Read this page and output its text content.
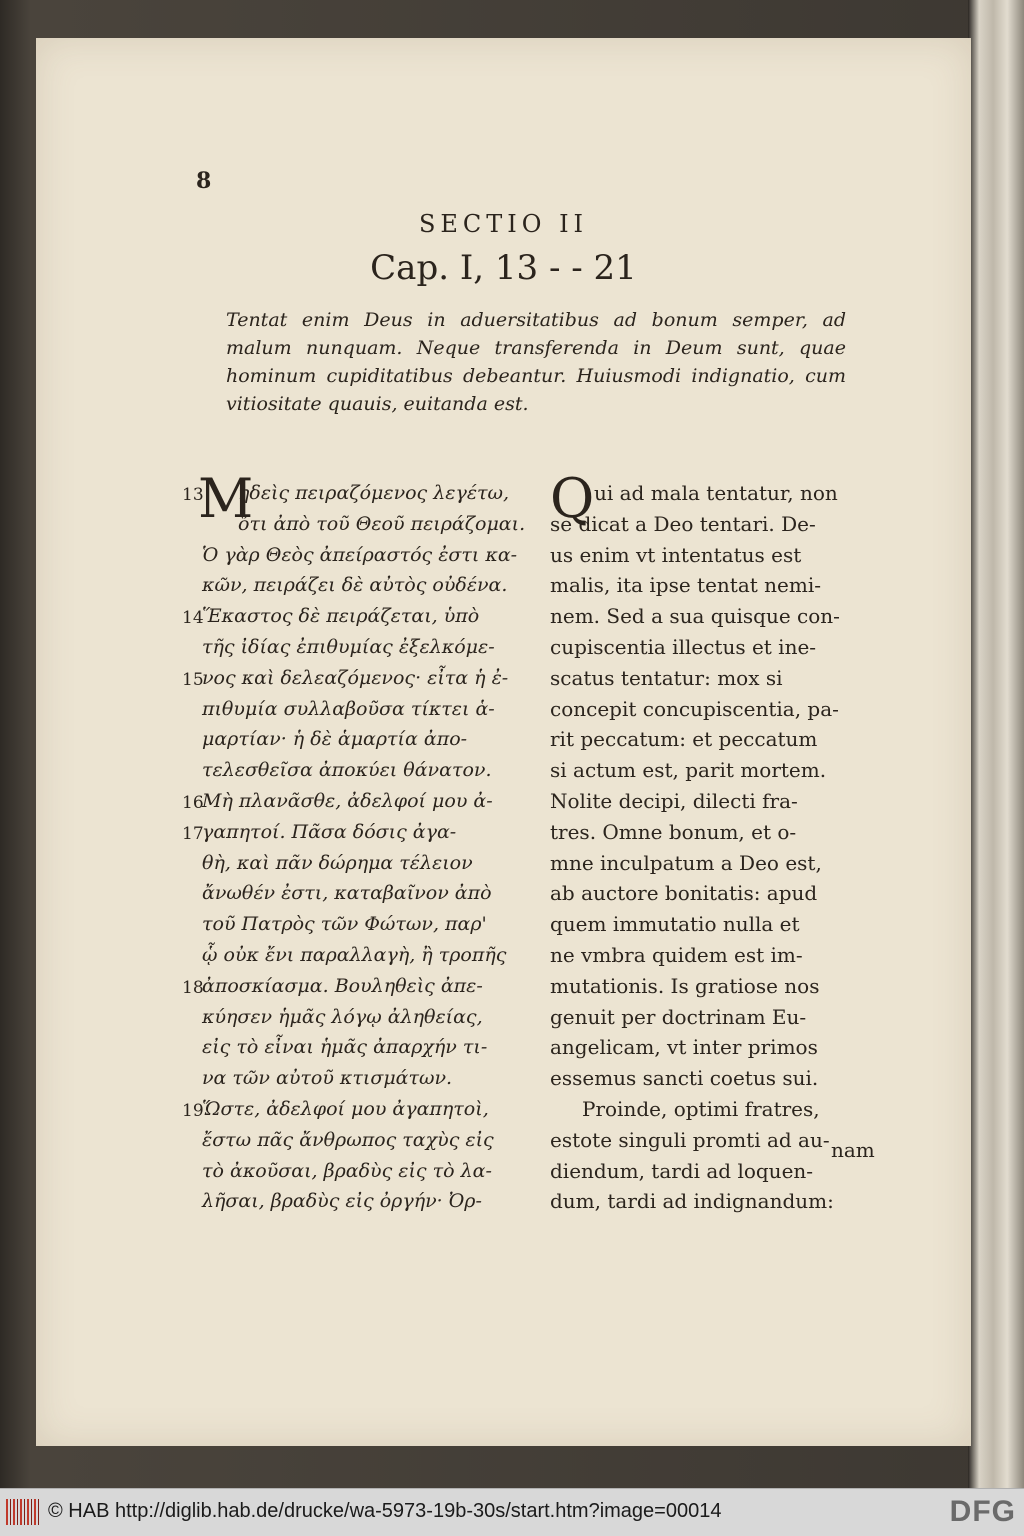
8
SECTIO II
Cap. I, 13 - - 21
Tentat enim Deus in aduersitatibus ad bonum semper, ad malum nunquam. Neque transferenda in Deum sunt, quae hominum cupiditatibus debeantur. Huiusmodi indignatio, cum vitiositate quauis, euitanda est.
M
ηδεὶς πειραζόμενος λεγέτω,
ὅτι ἀπὸ τοῦ Θεοῦ πειράζομαι.
Ὁ γὰρ Θεὸς ἀπείραστός ἐστι κα-
κῶν, πειράζει δὲ αὐτὸς οὐδένα.
Ἕκαστος δὲ πειράζεται, ὑπὸ
τῆς ἰδίας ἐπιθυμίας ἐξελκόμε-
νος καὶ δελεαζόμενος· εἶτα ἡ ἐ-
πιθυμία συλλαβοῦσα τίκτει ἁ-
μαρτίαν· ἡ δὲ ἁμαρτία ἀπο-
τελεσθεῖσα ἀποκύει θάνατον.
Μὴ πλανᾶσθε, ἀδελφοί μου ἀ-
γαπητοί. Πᾶσα δόσις ἀγα-
θὴ, καὶ πᾶν δώρημα τέλειον
ἄνωθέν ἐστι, καταβαῖνον ἀπὸ
τοῦ Πατρὸς τῶν Φώτων, παρ'
ᾧ οὐκ ἔνι παραλλαγὴ, ἢ τροπῆς
ἀποσκίασμα. Βουληθεὶς ἀπε-
κύησεν ἡμᾶς λόγῳ ἀληθείας,
εἰς τὸ εἶναι ἡμᾶς ἀπαρχήν τι-
να τῶν αὐτοῦ κτισμάτων.
Ὥστε, ἀδελφοί μου ἀγαπητοὶ,
ἔστω πᾶς ἄνθρωπος ταχὺς εἰς
τὸ ἀκοῦσαι, βραδὺς εἰς τὸ λα-
λῆσαι, βραδὺς εἰς ὀργήν· Ὀρ-
13
14
15
16
17
18
19
Q ui ad mala tentatur, non
se dicat a Deo tentari. De-
us enim vt intentatus est
malis, ita ipse tentat nemi-
nem. Sed a sua quisque con-
cupiscentia illectus et ine-
scatus tentatur: mox si
concepit concupiscentia, pa-
rit peccatum: et peccatum
si actum est, parit mortem.
Nolite decipi, dilecti fra-
tres. Omne bonum, et o-
mne inculpatum a Deo est,
ab auctore bonitatis: apud
quem immutatio nulla et
ne vmbra quidem est im-
mutationis. Is gratiose nos
genuit per doctrinam Eu-
angelicam, vt inter primos
essemus sancti coetus sui.
Proinde, optimi fratres,
estote singuli promti ad au-
diendum, tardi ad loquen-
dum, tardi ad indignandum:
nam
© HAB http://diglib.hab.de/drucke/wa-5973-19b-30s/start.htm?image=00014	DFG
